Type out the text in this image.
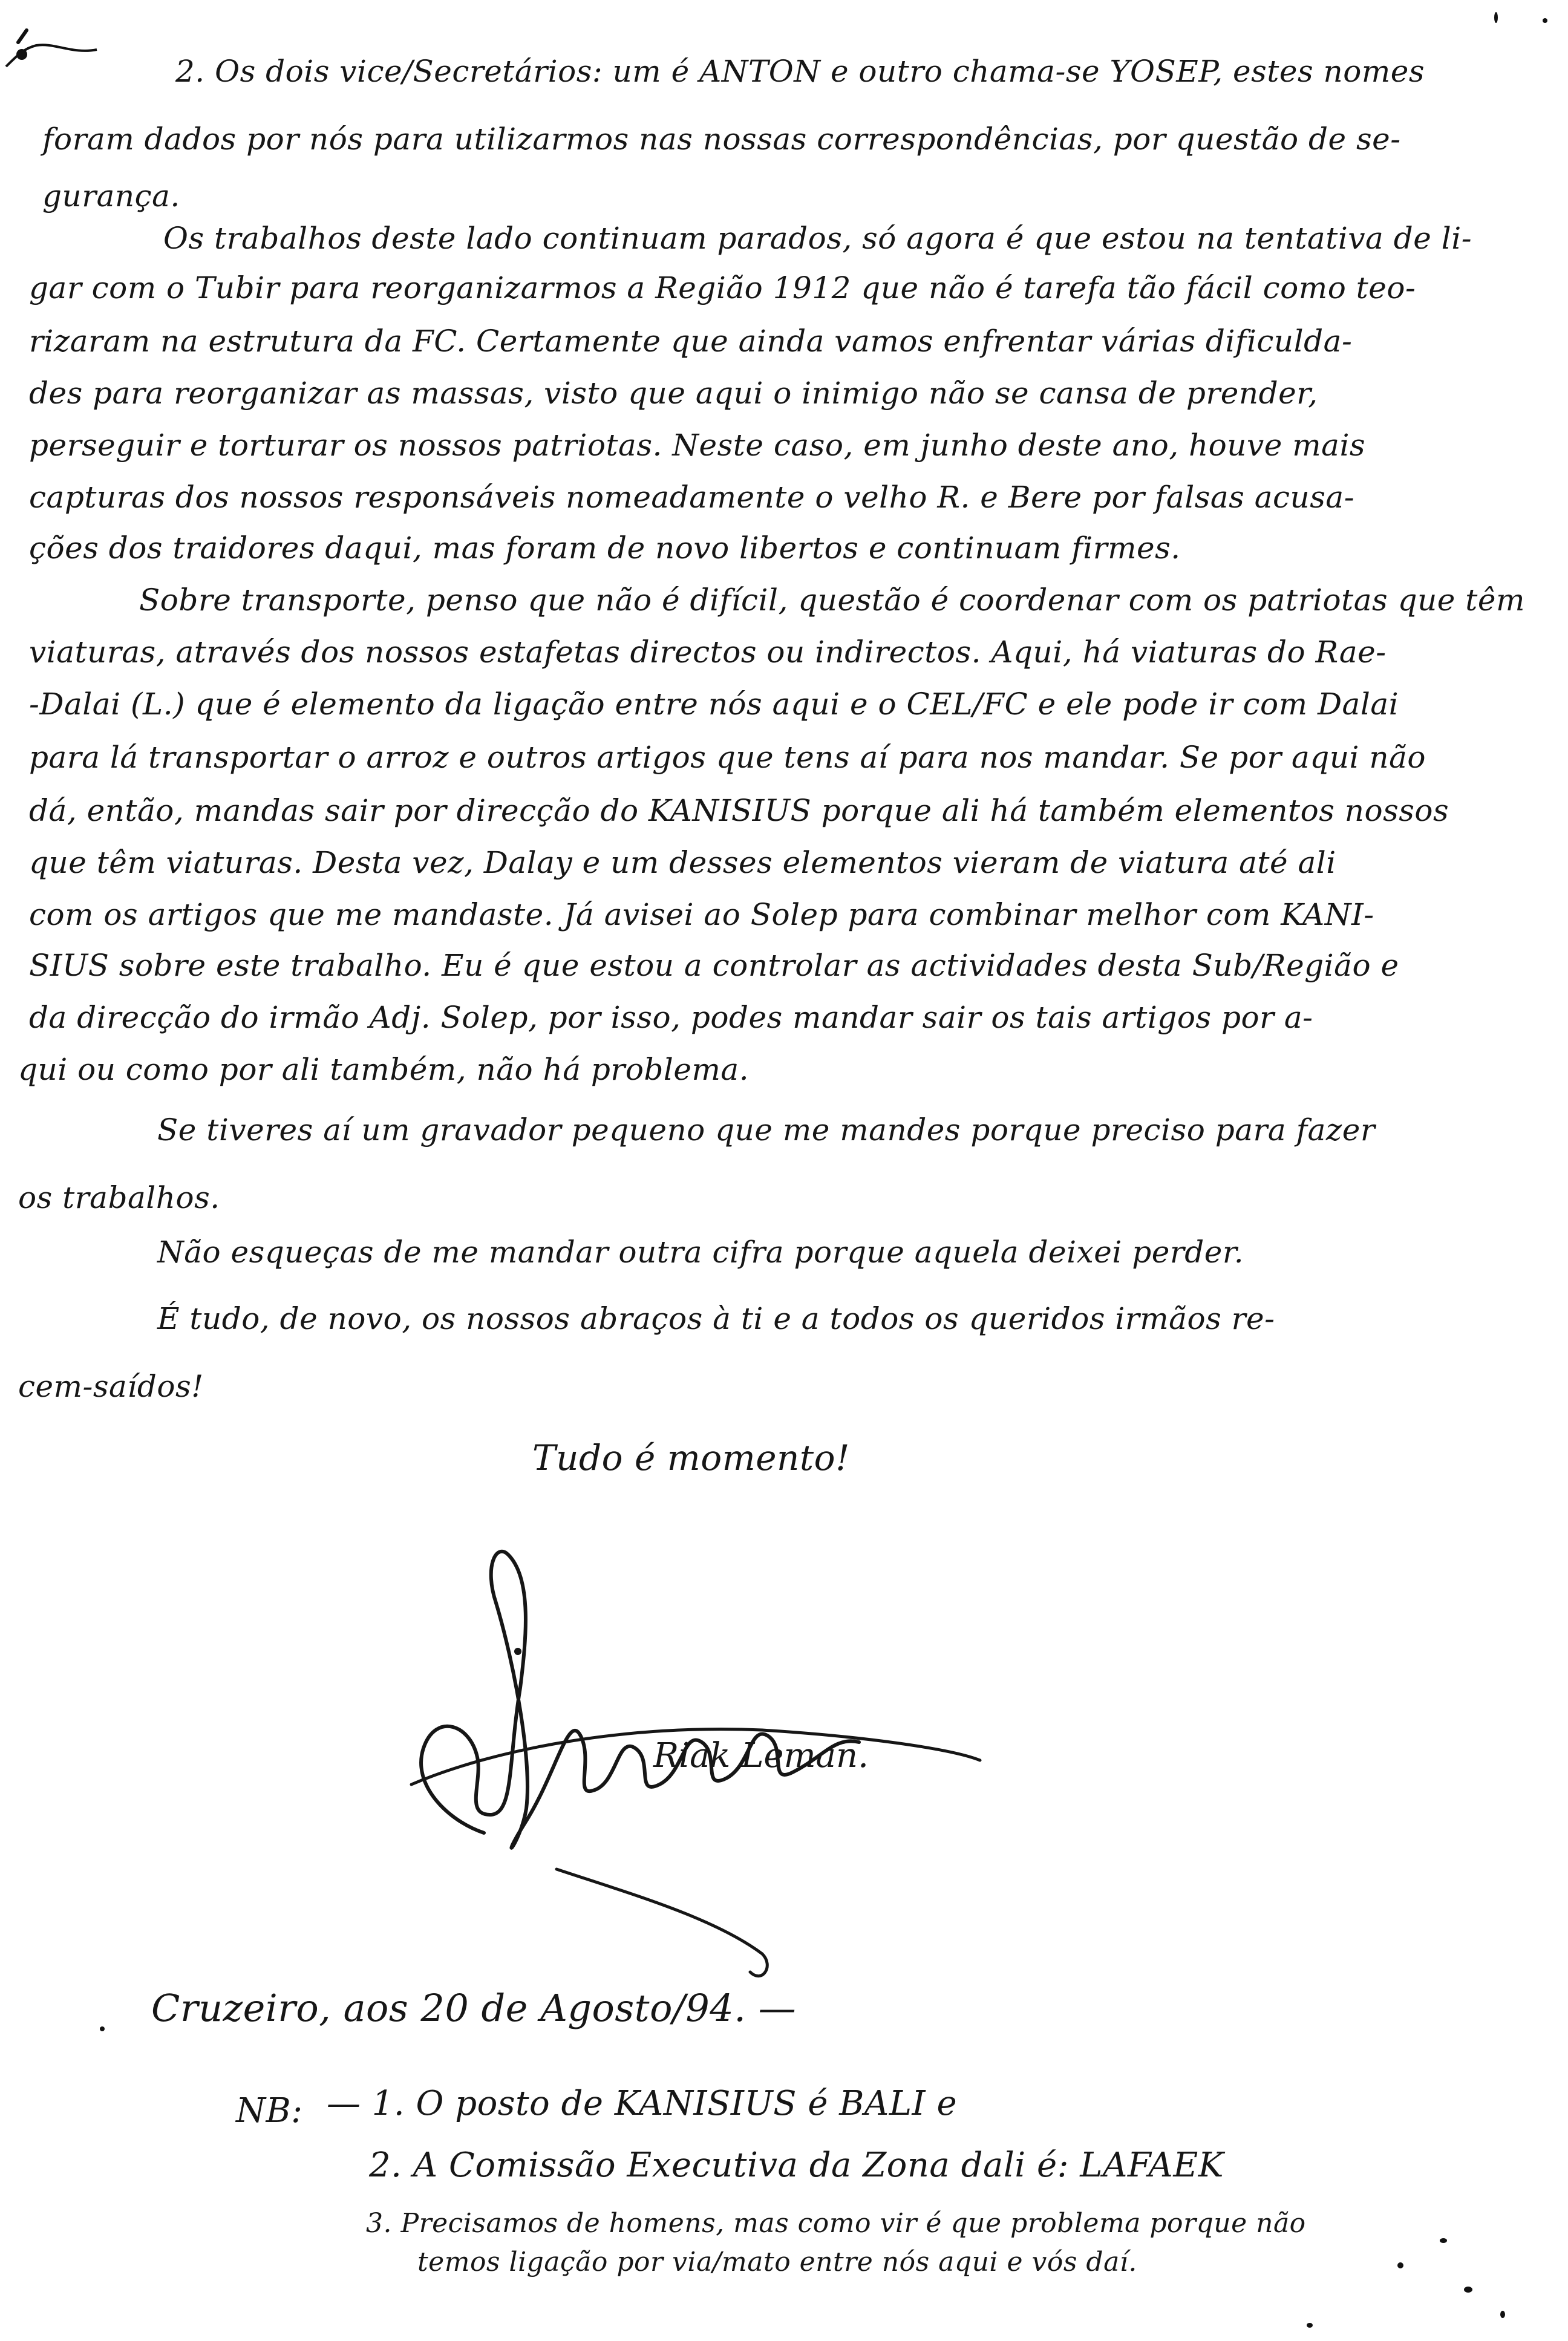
2. Os dois vice/Secretários: um é ANTON e outro chama-se YOSEP, estes nomes
foram dados por nós para utilizarmos nas nossas correspondências, por questão de se-
gurança.
Os trabalhos deste lado continuam parados, só agora é que estou na tentativa de li-
gar com o Tubir para reorganizarmos a Região 1912 que não é tarefa tão fácil como teo-
rizaram na estrutura da FC. Certamente que ainda vamos enfrentar várias dificulda-
des para reorganizar as massas, visto que aqui o inimigo não se cansa de prender,
perseguir e torturar os nossos patriotas. Neste caso, em junho deste ano, houve mais
capturas dos nossos responsáveis nomeadamente o velho R. e Bere por falsas acusa-
ções dos traidores daqui, mas foram de novo libertos e continuam firmes.
Sobre transporte, penso que não é difícil, questão é coordenar com os patriotas que têm
viaturas, através dos nossos estafetas directos ou indirectos. Aqui, há viaturas do Rae-
-Dalai (L.) que é elemento da ligação entre nós aqui e o CEL/FC e ele pode ir com Dalai
para lá transportar o arroz e outros artigos que tens aí para nos mandar. Se por aqui não
dá, então, mandas sair por direcção do KANISIUS porque ali há também elementos nossos
que têm viaturas. Desta vez, Dalay e um desses elementos vieram de viatura até ali
com os artigos que me mandaste. Já avisei ao Solep para combinar melhor com KANI-
SIUS sobre este trabalho. Eu é que estou a controlar as actividades desta Sub/Região e
da direcção do irmão Adj. Solep, por isso, podes mandar sair os tais artigos por a-
qui ou como por ali também, não há problema.
Se tiveres aí um gravador pequeno que me mandes porque preciso para fazer
os trabalhos.
Não esqueças de me mandar outra cifra porque aquela deixei perder.
É tudo, de novo, os nossos abraços à ti e a todos os queridos irmãos re-
cem-saídos!
Tudo é momento!
Riak Leman.
Cruzeiro, aos 20 de Agosto/94. —
NB: — 1. O posto de KANISIUS é BALI e
2. A Comissão Executiva da Zona dali é: LAFAEK
3. Precisamos de homens, mas como vir é que problema porque não
temos ligação por via/mato entre nós aqui e vós daí.
